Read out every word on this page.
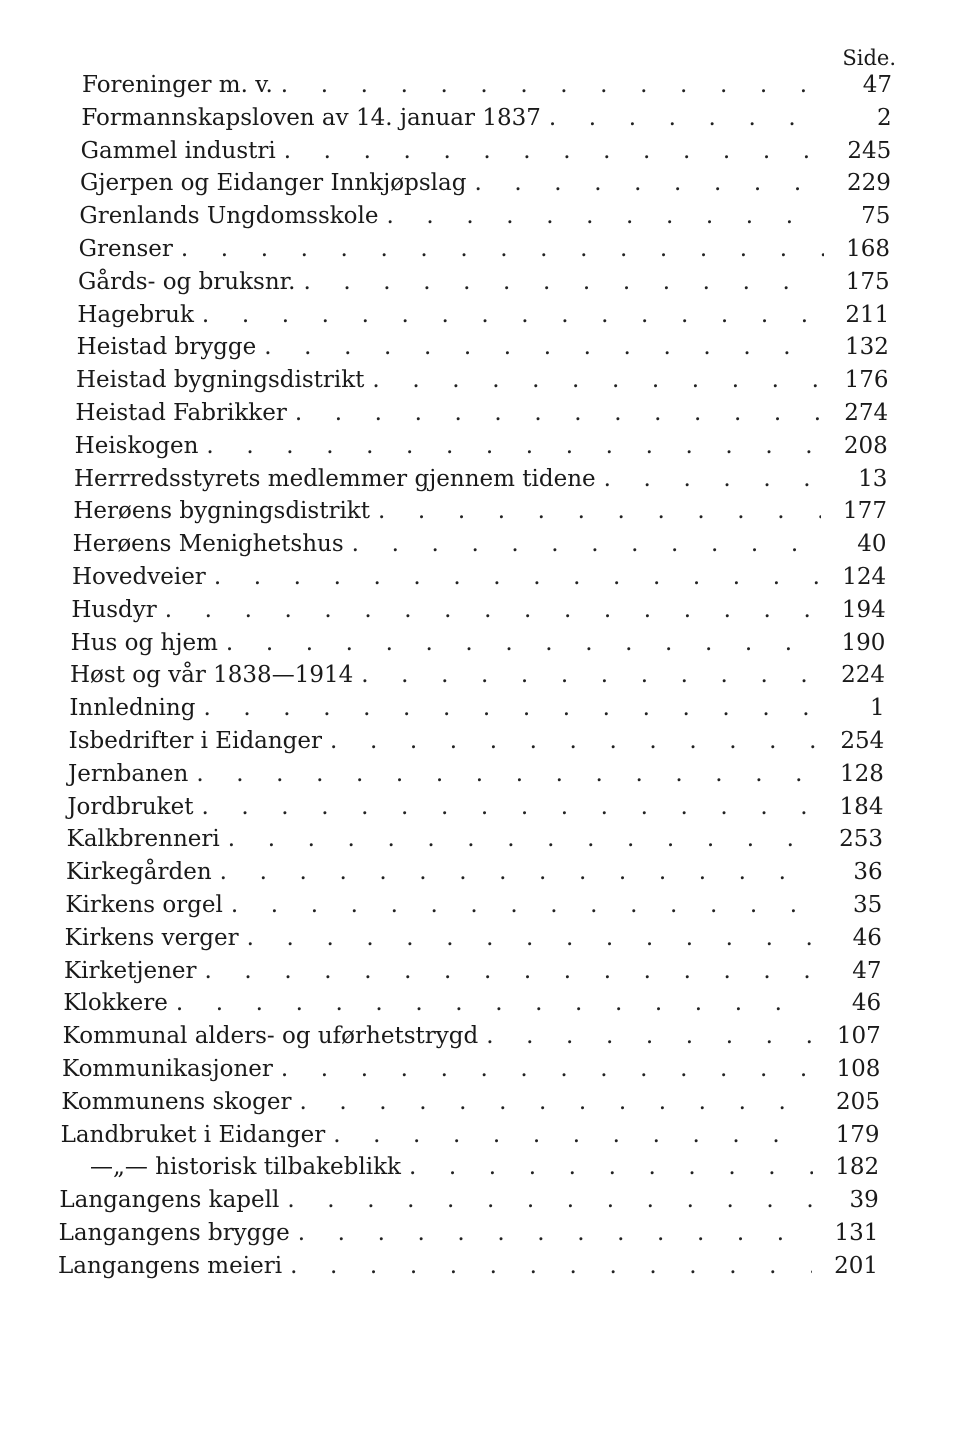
Side.
Foreninger m. v. . . .	47
Formannskapsloven av 14. januar 1837 . . .	2
Gammel industri . . .	245
Gjerpen og Eidanger Innkjøpslag . . .	229
Grenlands Ungdomsskole . . .	75
Grenser . . .	168
Gårds- og bruksnr. . . .	175
Hagebruk . . .	211
Heistad brygge . . .	132
Heistad bygningsdistrikt . . .	176
Heistad Fabrikker . . .	274
Heiskogen . . .	208
Herrredsstyrets medlemmer gjennem tidene . . .	13
Herøens bygningsdistrikt . . .	177
Herøens Menighetshus . . .	40
Hovedveier . . .	124
Husdyr . . .	194
Hus og hjem . . .	190
Høst og vår 1838—1914 . . .	224
Innledning . . .	1
Isbedrifter i Eidanger . . .	254
Jernbanen . . .	128
Jordbruket . . .	184
Kalkbrenneri . . .	253
Kirkegården . . .	36
Kirkens orgel . . .	35
Kirkens verger . . .	46
Kirketjener . . .	47
Klokkere . . .	46
Kommunal alders- og uførhetstrygd . . .	107
Kommunikasjoner . . .	108
Kommunens skoger . . .	205
Landbruket i Eidanger . . .	179
—„— historisk tilbakeblikk . . .	182
Langangens kapell . . .	39
Langangens brygge . . .	131
Langangens meieri . . .	201
